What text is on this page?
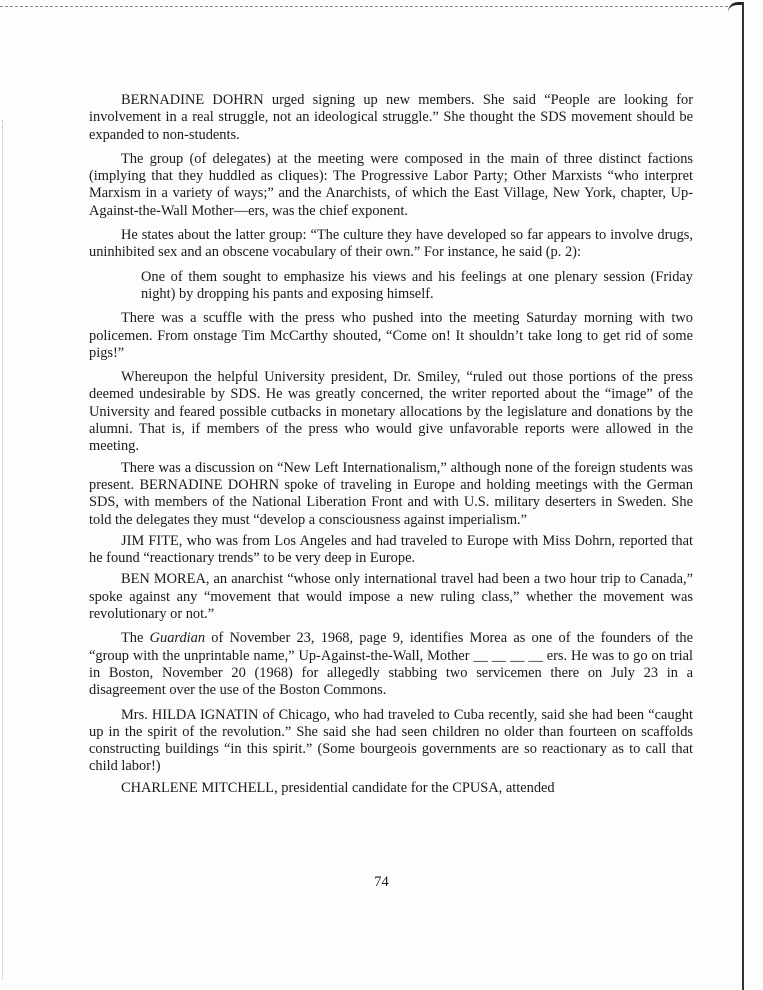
BERNADINE DOHRN urged signing up new members. She said “People are looking for involvement in a real struggle, not an ideological struggle.” She thought the SDS movement should be expanded to non-students.

The group (of delegates) at the meeting were composed in the main of three distinct factions (implying that they huddled as cliques): The Progressive Labor Party; Other Marxists “who interpret Marxism in a variety of ways;” and the Anarchists, of which the East Village, New York, chapter, Up-Against-the-Wall Mother—ers, was the chief exponent.

He states about the latter group: “The culture they have developed so far appears to involve drugs, uninhibited sex and an obscene vocabulary of their own.” For instance, he said (p. 2):

One of them sought to emphasize his views and his feelings at one plenary session (Friday night) by dropping his pants and exposing himself.

There was a scuffle with the press who pushed into the meeting Saturday morning with two policemen. From onstage Tim McCarthy shouted, “Come on! It shouldn’t take long to get rid of some pigs!”

Whereupon the helpful University president, Dr. Smiley, “ruled out those portions of the press deemed undesirable by SDS. He was greatly concerned, the writer reported about the “image” of the University and feared possible cutbacks in monetary allocations by the legislature and donations by the alumni. That is, if members of the press who would give unfavorable reports were allowed in the meeting.

There was a discussion on “New Left Internationalism,” although none of the foreign students was present. BERNADINE DOHRN spoke of traveling in Europe and holding meetings with the German SDS, with members of the National Liberation Front and with U.S. military deserters in Sweden. She told the delegates they must “develop a consciousness against imperialism.”

JIM FITE, who was from Los Angeles and had traveled to Europe with Miss Dohrn, reported that he found “reactionary trends” to be very deep in Europe.

BEN MOREA, an anarchist “whose only international travel had been a two hour trip to Canada,” spoke against any “movement that would impose a new ruling class,” whether the movement was revolutionary or not.”

The Guardian of November 23, 1968, page 9, identifies Morea as one of the founders of the “group with the unprintable name,” Up-Against-the-Wall, Mother __ __ __ __ ers. He was to go on trial in Boston, November 20 (1968) for allegedly stabbing two servicemen there on July 23 in a disagreement over the use of the Boston Commons.

Mrs. HILDA IGNATIN of Chicago, who had traveled to Cuba recently, said she had been “caught up in the spirit of the revolution.” She said she had seen children no older than fourteen on scaffolds constructing buildings “in this spirit.” (Some bourgeois governments are so reactionary as to call that child labor!)

CHARLENE MITCHELL, presidential candidate for the CPUSA, attended

74
